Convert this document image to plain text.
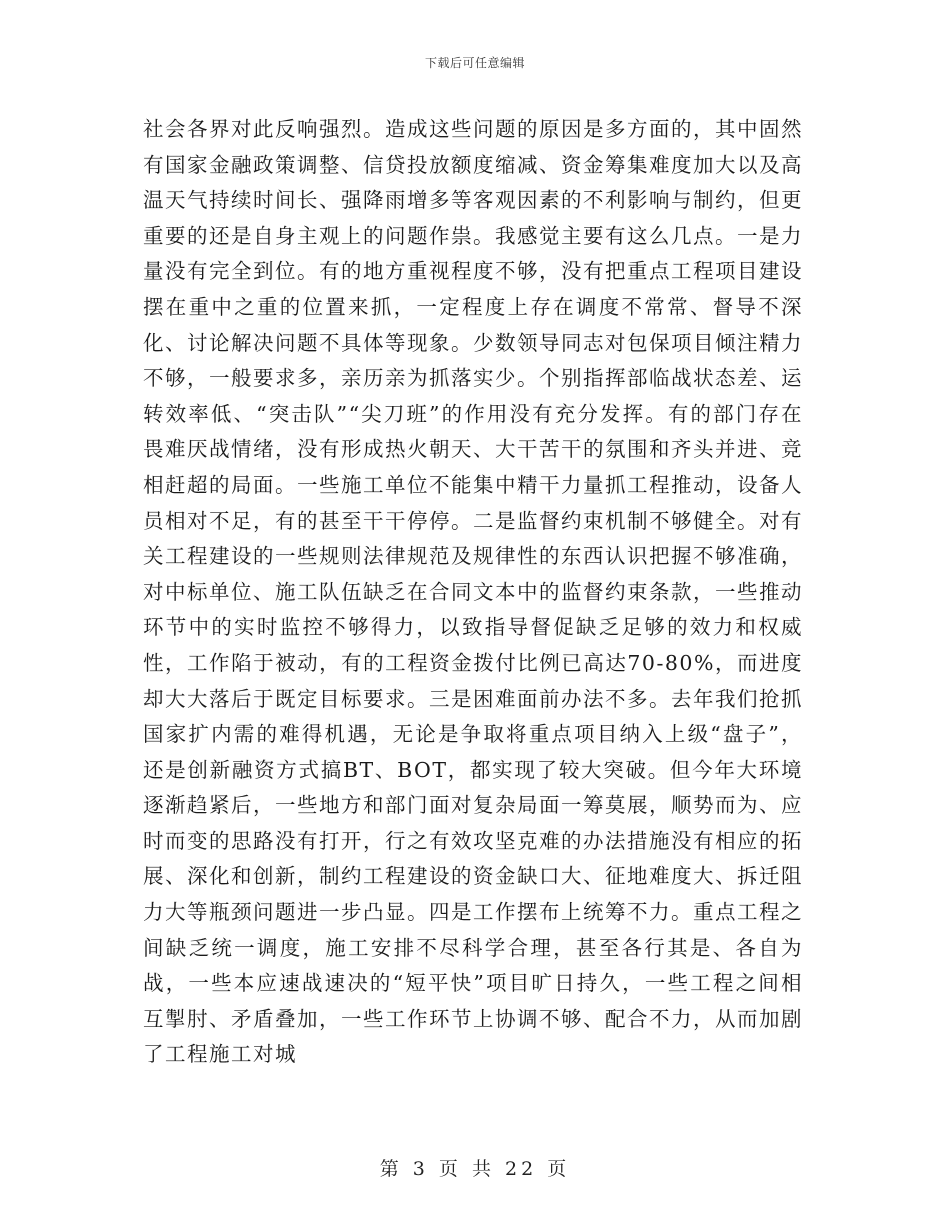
下载后可任意编辑

社会各界对此反响强烈。造成这些问题的原因是多方面的，其中固然有国家金融政策调整、信贷投放额度缩减、资金筹集难度加大以及高温天气持续时间长、强降雨增多等客观因素的不利影响与制约，但更重要的还是自身主观上的问题作祟。我感觉主要有这么几点。一是力量没有完全到位。有的地方重视程度不够，没有把重点工程项目建设摆在重中之重的位置来抓，一定程度上存在调度不常常、督导不深化、讨论解决问题不具体等现象。少数领导同志对包保项目倾注精力不够，一般要求多，亲历亲为抓落实少。个别指挥部临战状态差、运转效率低、“突击队”“尖刀班”的作用没有充分发挥。有的部门存在畏难厌战情绪，没有形成热火朝天、大干苦干的氛围和齐头并进、竞相赶超的局面。一些施工单位不能集中精干力量抓工程推动，设备人员相对不足，有的甚至干干停停。二是监督约束机制不够健全。对有关工程建设的一些规则法律规范及规律性的东西认识把握不够准确，对中标单位、施工队伍缺乏在合同文本中的监督约束条款，一些推动环节中的实时监控不够得力，以致指导督促缺乏足够的效力和权威性，工作陷于被动，有的工程资金拨付比例已高达70-80%，而进度却大大落后于既定目标要求。三是困难面前办法不多。去年我们抢抓国家扩内需的难得机遇，无论是争取将重点项目纳入上级“盘子”，还是创新融资方式搞BT、BOT，都实现了较大突破。但今年大环境逐渐趋紧后，一些地方和部门面对复杂局面一筹莫展，顺势而为、应时而变的思路没有打开，行之有效攻坚克难的办法措施没有相应的拓展、深化和创新，制约工程建设的资金缺口大、征地难度大、拆迁阻力大等瓶颈问题进一步凸显。四是工作摆布上统筹不力。重点工程之间缺乏统一调度，施工安排不尽科学合理，甚至各行其是、各自为战，一些本应速战速决的“短平快”项目旷日持久，一些工程之间相互掣肘、矛盾叠加，一些工作环节上协调不够、配合不力，从而加剧了工程施工对城

第 3 页 共 22 页
